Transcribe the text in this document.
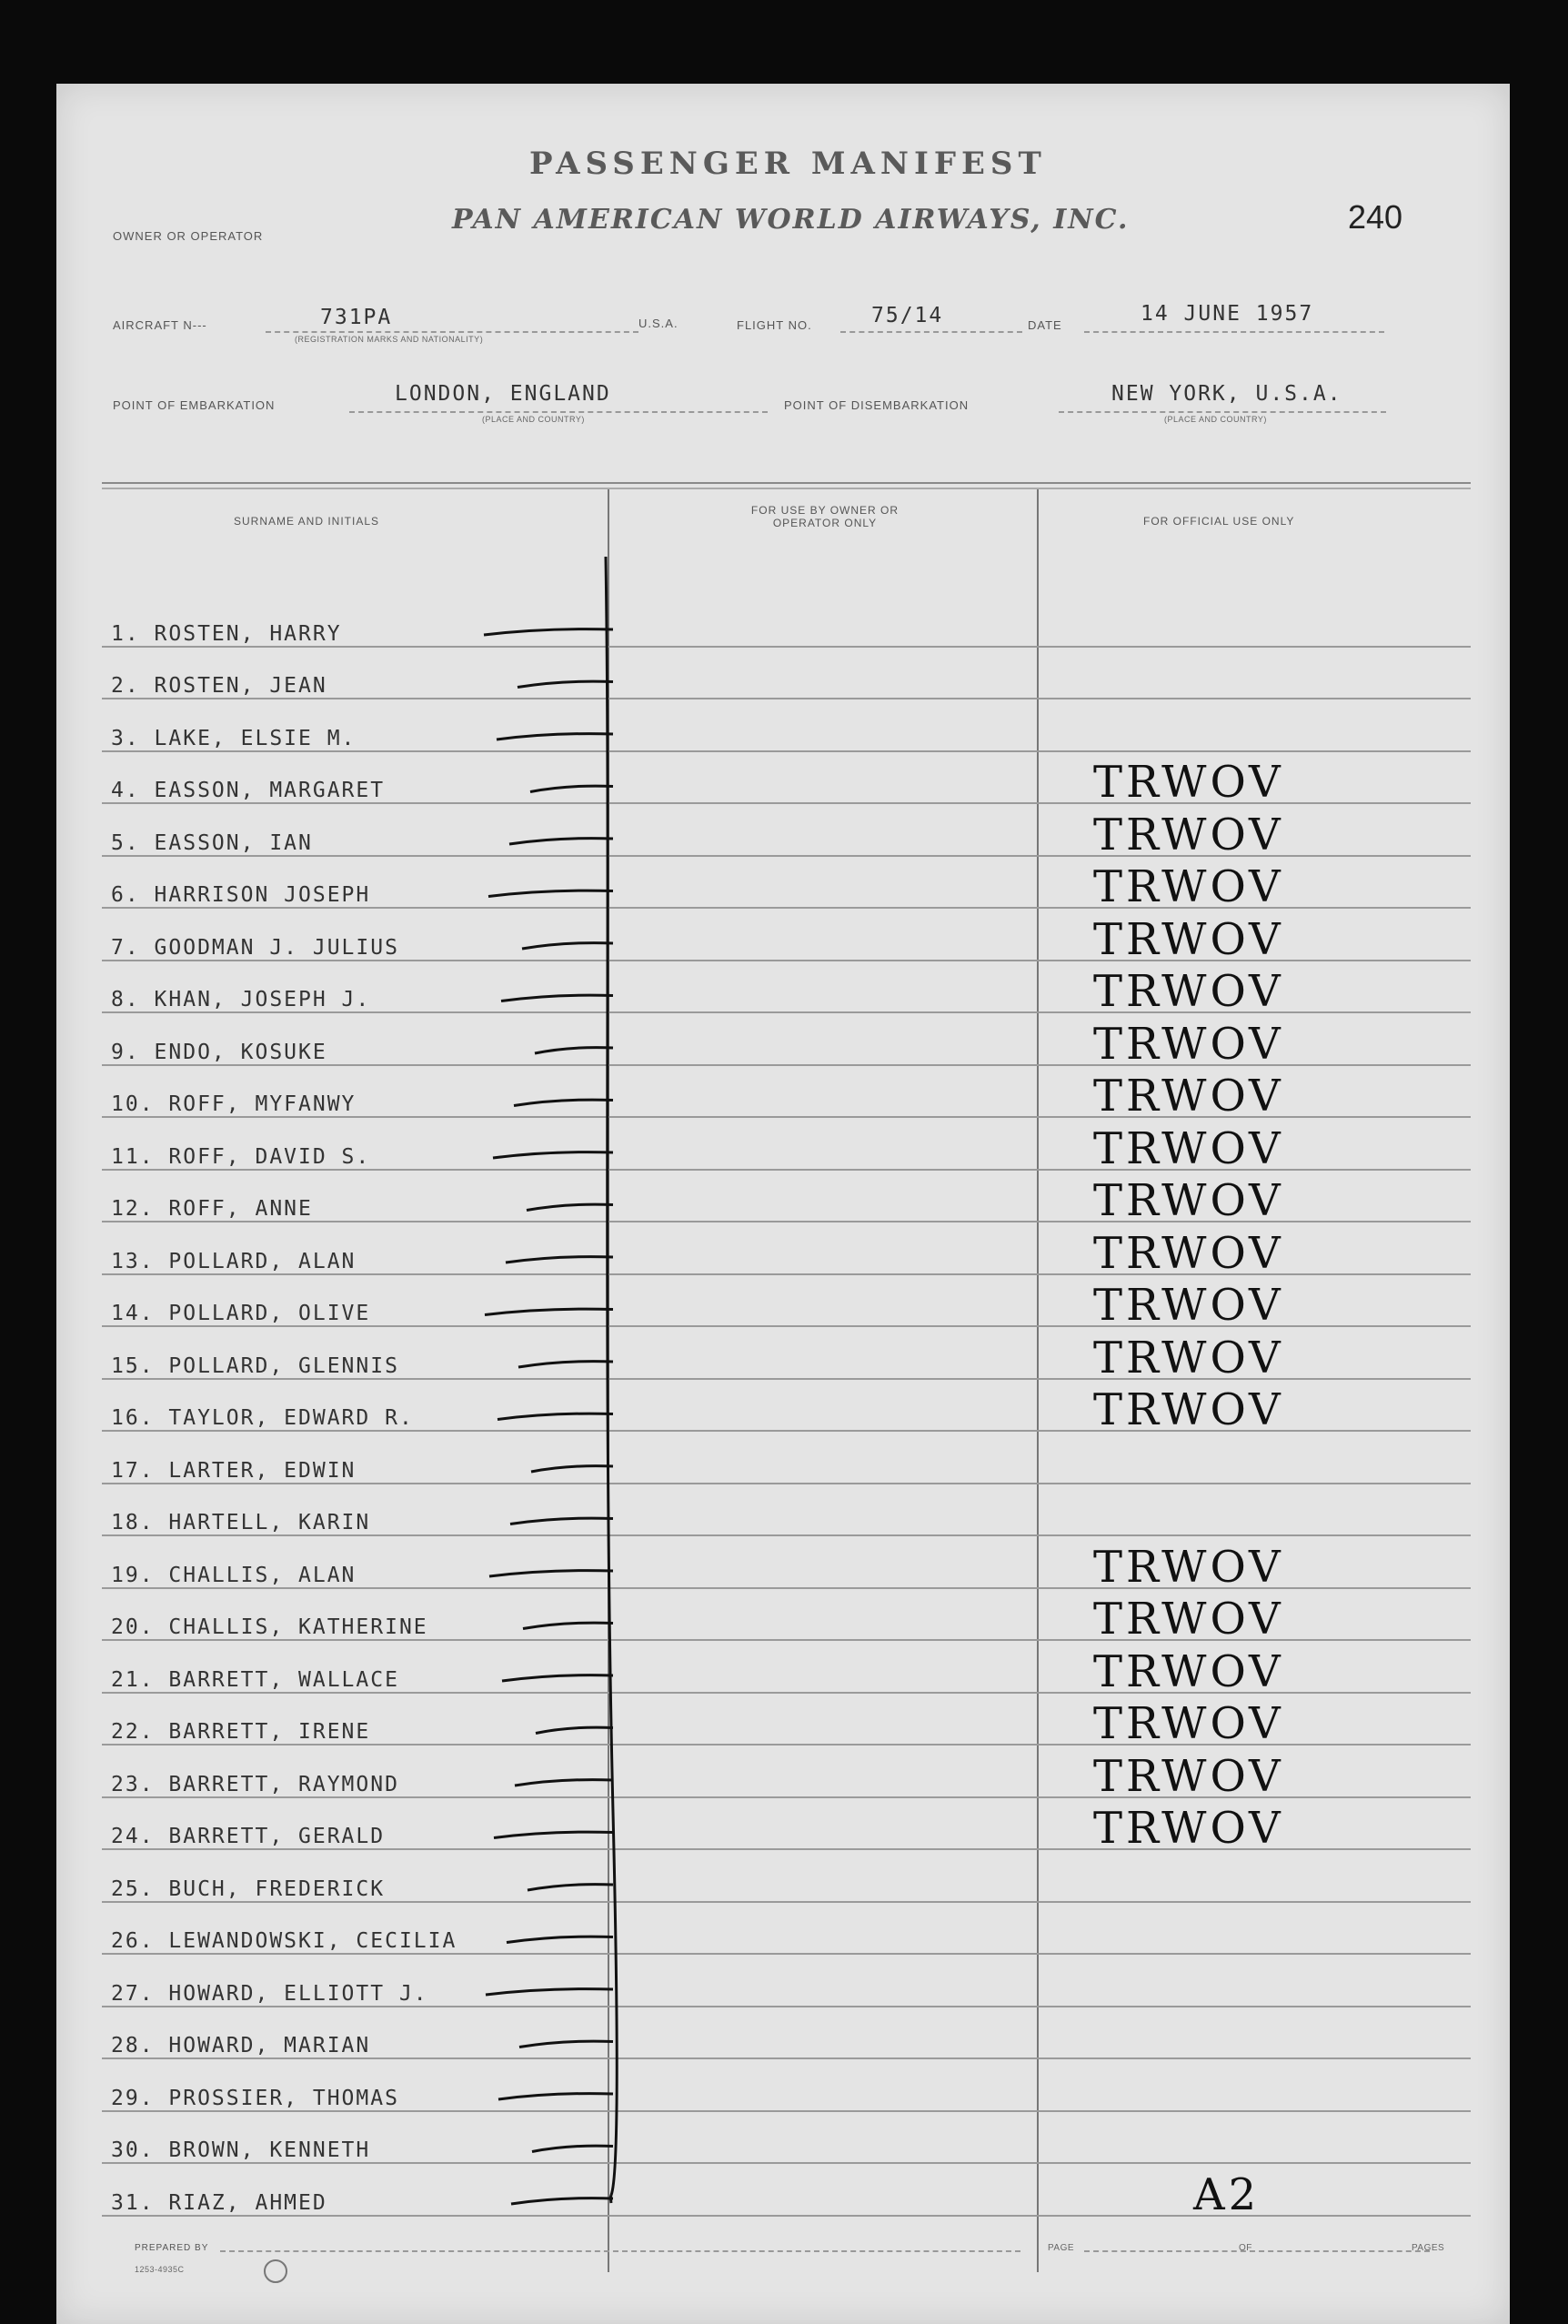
PASSENGER MANIFEST
OWNER OR OPERATOR
PAN AMERICAN WORLD AIRWAYS, INC.	240
AIRCRAFT N---	731PA
(REGISTRATION MARKS AND NATIONALITY)
U.S.A.	FLIGHT NO.	75/14	DATE	14 JUNE 1957
POINT OF EMBARKATION	LONDON, ENGLAND
(PLACE AND COUNTRY)
POINT OF DISEMBARKATION	NEW YORK, U.S.A.
(PLACE AND COUNTRY)
SURNAME AND INITIALS
FOR USE BY OWNER OR OPERATOR ONLY	FOR OFFICIAL USE ONLY
1. ROSTEN, HARRY
2. ROSTEN, JEAN
3. LAKE, ELSIE M.
4. EASSON, MARGARET	TRWOV
5. EASSON, IAN	TRWOV
6. HARRISON JOSEPH	TRWOV
7. GOODMAN J. JULIUS	TRWOV
8. KHAN, JOSEPH J.	TRWOV
9. ENDO, KOSUKE	TRWOV
10. ROFF, MYFANWY	TRWOV
11. ROFF, DAVID S.	TRWOV
12. ROFF, ANNE	TRWOV
13. POLLARD, ALAN	TRWOV
14. POLLARD, OLIVE	TRWOV
15. POLLARD, GLENNIS	TRWOV
16. TAYLOR, EDWARD R.	TRWOV
17. LARTER, EDWIN
18. HARTELL, KARIN
19. CHALLIS, ALAN	TRWOV
20. CHALLIS, KATHERINE	TRWOV
21. BARRETT, WALLACE	TRWOV
22. BARRETT, IRENE	TRWOV
23. BARRETT, RAYMOND	TRWOV
24. BARRETT, GERALD	TRWOV
25. BUCH, FREDERICK
26. LEWANDOWSKI, CECILIA
27. HOWARD, ELLIOTT J.
28. HOWARD, MARIAN
29. PROSSIER, THOMAS
30. BROWN, KENNETH
31. RIAZ, AHMED	A2
PREPARED BY
1253-4935C
PAGE	OF	PAGES
